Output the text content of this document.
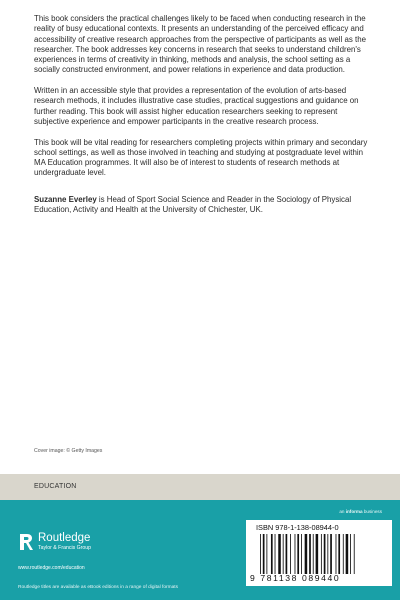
This book considers the practical challenges likely to be faced when conducting research in the reality of busy educational contexts. It presents an understanding of the perceived efficacy and accessibility of creative research approaches from the perspective of participants as well as the researcher. The book addresses key concerns in research that seeks to understand children's experiences in terms of creativity in thinking, methods and analysis, the school setting as a socially constructed environment, and power relations in experience and data production.

Written in an accessible style that provides a representation of the evolution of arts-based research methods, it includes illustrative case studies, practical suggestions and guidance on further reading. This book will assist higher education researchers seeking to represent subjective experience and empower participants in the creative research process.

This book will be vital reading for researchers completing projects within primary and secondary school settings, as well as those involved in teaching and studying at postgraduate level within MA Education programmes. It will also be of interest to students of research methods at undergraduate level.

Suzanne Everley is Head of Sport Social Science and Reader in the Sociology of Physical Education, Activity and Health at the University of Chichester, UK.

Cover image: © Getty Images
EDUCATION
an informa business
Routledge
Taylor & Francis Group
www.routledge.com/education
Routledge titles are available as eBook editions in a range of digital formats
ISBN 978-1-138-08944-0
9 781138 089440
